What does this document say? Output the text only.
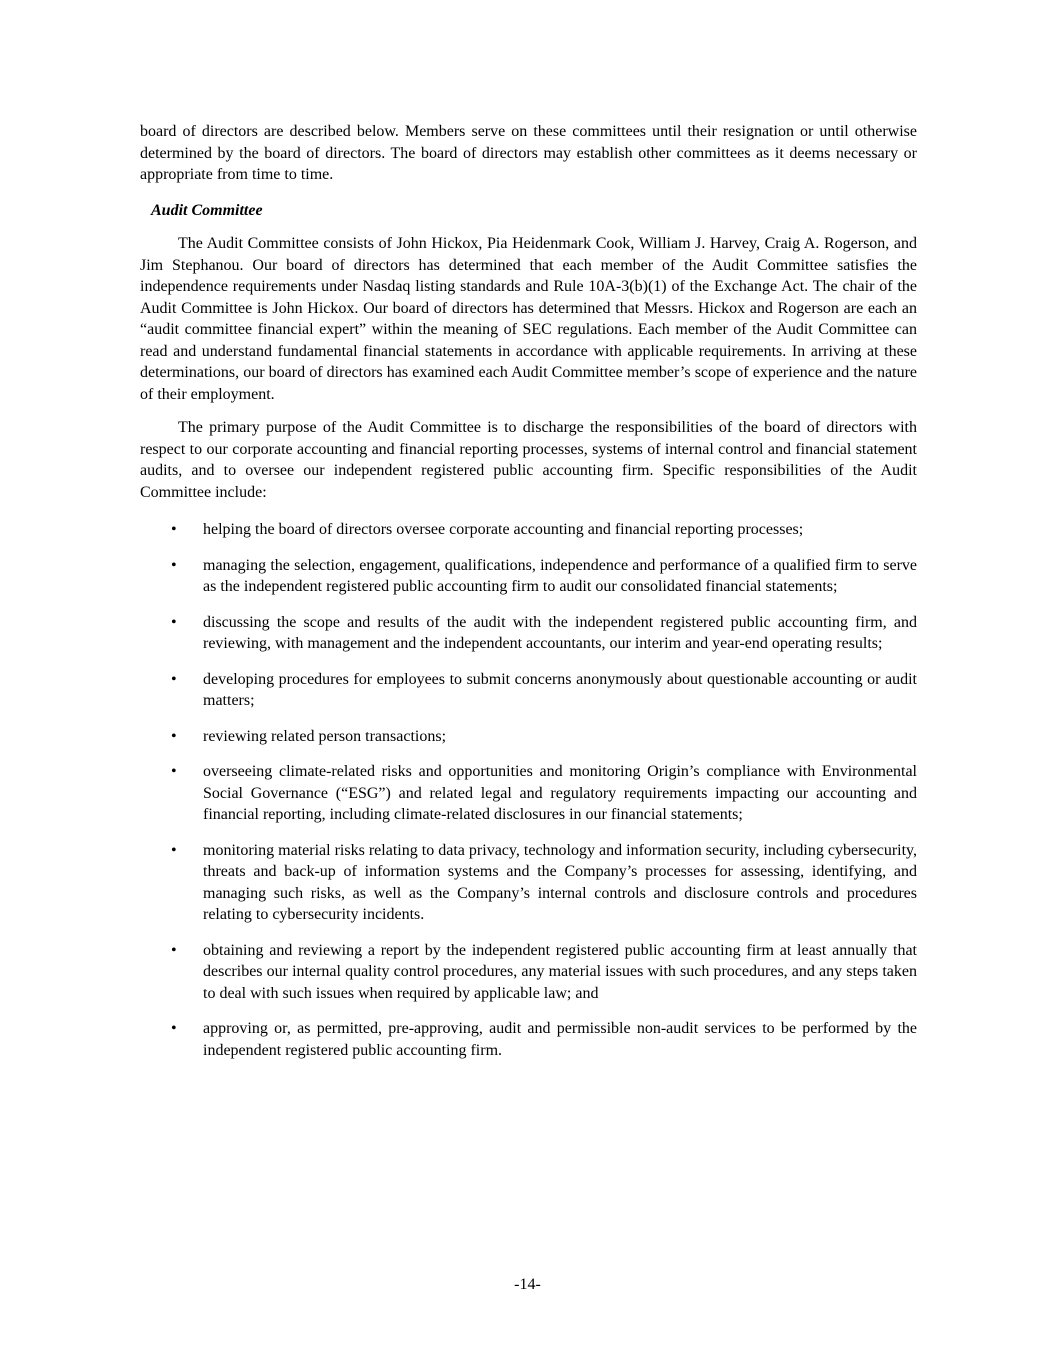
board of directors are described below. Members serve on these committees until their resignation or until otherwise determined by the board of directors. The board of directors may establish other committees as it deems necessary or appropriate from time to time.

Audit Committee

The Audit Committee consists of John Hickox, Pia Heidenmark Cook, William J. Harvey, Craig A. Rogerson, and Jim Stephanou. Our board of directors has determined that each member of the Audit Committee satisfies the independence requirements under Nasdaq listing standards and Rule 10A-3(b)(1) of the Exchange Act. The chair of the Audit Committee is John Hickox. Our board of directors has determined that Messrs. Hickox and Rogerson are each an “audit committee financial expert” within the meaning of SEC regulations. Each member of the Audit Committee can read and understand fundamental financial statements in accordance with applicable requirements. In arriving at these determinations, our board of directors has examined each Audit Committee member’s scope of experience and the nature of their employment.

The primary purpose of the Audit Committee is to discharge the responsibilities of the board of directors with respect to our corporate accounting and financial reporting processes, systems of internal control and financial statement audits, and to oversee our independent registered public accounting firm. Specific responsibilities of the Audit Committee include:

•	helping the board of directors oversee corporate accounting and financial reporting processes;
•	managing the selection, engagement, qualifications, independence and performance of a qualified firm to serve as the independent registered public accounting firm to audit our consolidated financial statements;
•	discussing the scope and results of the audit with the independent registered public accounting firm, and reviewing, with management and the independent accountants, our interim and year-end operating results;
•	developing procedures for employees to submit concerns anonymously about questionable accounting or audit matters;
•	reviewing related person transactions;
•	overseeing climate-related risks and opportunities and monitoring Origin’s compliance with Environmental Social Governance (“ESG”) and related legal and regulatory requirements impacting our accounting and financial reporting, including climate-related disclosures in our financial statements;
•	monitoring material risks relating to data privacy, technology and information security, including cybersecurity, threats and back-up of information systems and the Company’s processes for assessing, identifying, and managing such risks, as well as the Company’s internal controls and disclosure controls and procedures relating to cybersecurity incidents.
•	obtaining and reviewing a report by the independent registered public accounting firm at least annually that describes our internal quality control procedures, any material issues with such procedures, and any steps taken to deal with such issues when required by applicable law; and
•	approving or, as permitted, pre-approving, audit and permissible non-audit services to be performed by the independent registered public accounting firm.
-14-
